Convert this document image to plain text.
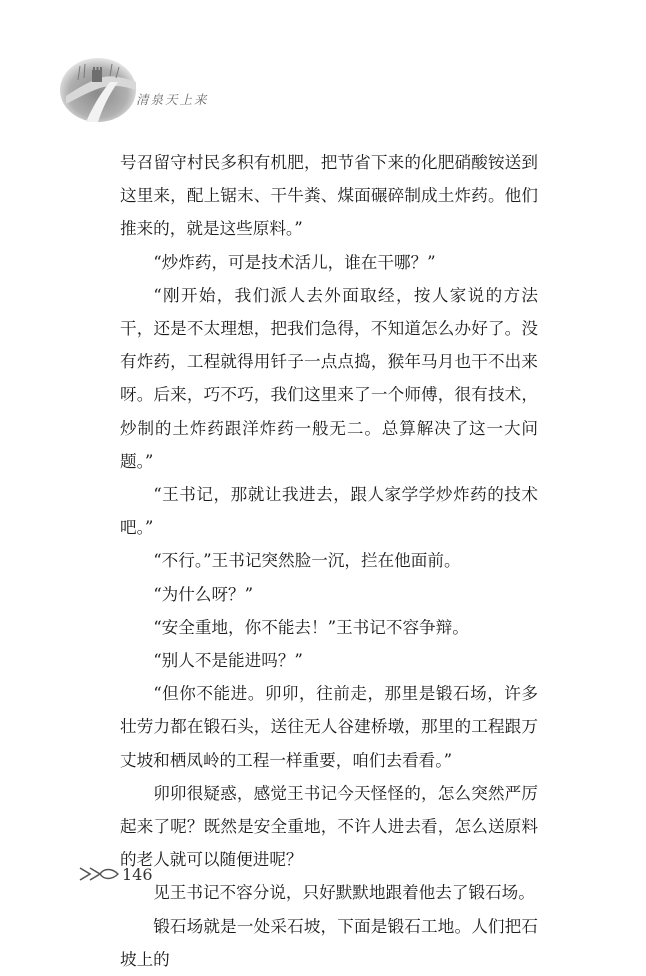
清泉天上来

号召留守村民多积有机肥，把节省下来的化肥硝酸铵送到这里来，配上锯末、干牛粪、煤面碾碎制成土炸药。他们推来的，就是这些原料。”

“炒炸药，可是技术活儿，谁在干哪？”

“刚开始，我们派人去外面取经，按人家说的方法干，还是不太理想，把我们急得，不知道怎么办好了。没有炸药，工程就得用钎子一点点捣，猴年马月也干不出来呀。后来，巧不巧，我们这里来了一个师傅，很有技术，炒制的土炸药跟洋炸药一般无二。总算解决了这一大问题。”

“王书记，那就让我进去，跟人家学学炒炸药的技术吧。”

“不行。”王书记突然脸一沉，拦在他面前。

“为什么呀？”

“安全重地，你不能去！”王书记不容争辩。

“别人不是能进吗？”

“但你不能进。卯卯，往前走，那里是锻石场，许多壮劳力都在锻石头，送往无人谷建桥墩，那里的工程跟万丈坡和栖凤岭的工程一样重要，咱们去看看。”

卯卯很疑惑，感觉王书记今天怪怪的，怎么突然严厉起来了呢？既然是安全重地，不许人进去看，怎么送原料的老人就可以随便进呢？

见王书记不容分说，只好默默地跟着他去了锻石场。

锻石场就是一处采石坡，下面是锻石工地。人们把石坡上的

146
